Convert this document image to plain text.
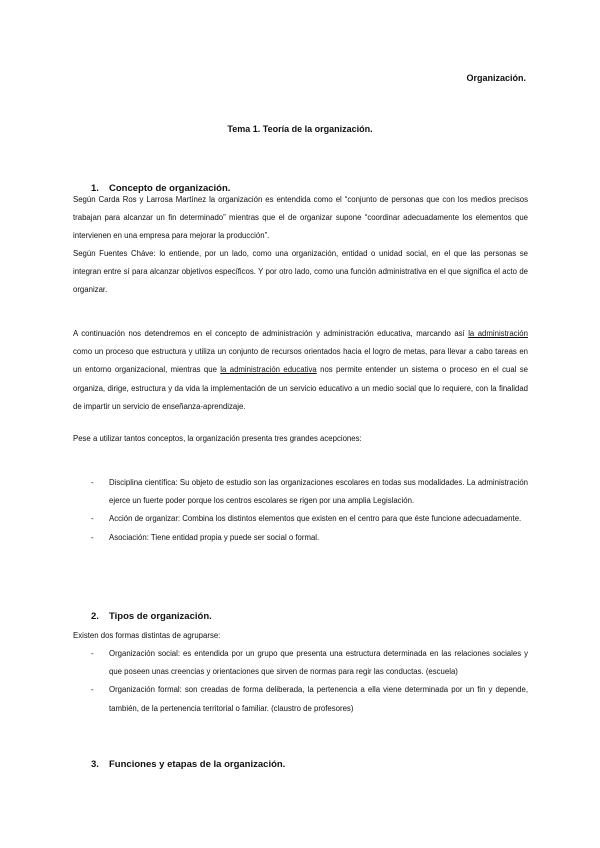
Organización.
Tema 1. Teoría de la organización.
1. Concepto de organización.
Según Carda Ros y Larrosa Martínez la organización es entendida como el “conjunto de personas que con los medios precisos trabajan para alcanzar un fin determinado” mientras que el de organizar supone “coordinar adecuadamente los elementos que intervienen en una empresa para mejorar la producción”.
Según Fuentes Cháve: lo entiende, por un lado, como una organización, entidad o unidad social, en el que las personas se integran entre sí para alcanzar objetivos específicos. Y por otro lado, como una función administrativa en el que significa el acto de organizar.
A continuación nos detendremos en el concepto de administración y administración educativa, marcando así la administración como un proceso que estructura y utiliza un conjunto de recursos orientados hacia el logro de metas, para llevar a cabo tareas en un entorno organizacional, mientras que la administración educativa nos permite entender un sistema o proceso en el cual se organiza, dirige, estructura y da vida la implementación de un servicio educativo a un medio social que lo requiere, con la finalidad de impartir un servicio de enseñanza-aprendizaje.
Pese a utilizar tantos conceptos, la organización presenta tres grandes acepciones:
- Disciplina científica: Su objeto de estudio son las organizaciones escolares en todas sus modalidades. La administración ejerce un fuerte poder porque los centros escolares se rigen por una amplia Legislación.
- Acción de organizar: Combina los distintos elementos que existen en el centro para que éste funcione adecuadamente.
- Asociación: Tiene entidad propia y puede ser social o formal.
2. Tipos de organización.
Existen dos formas distintas de agruparse:
- Organización social: es entendida por un grupo que presenta una estructura determinada en las relaciones sociales y que poseen unas creencias y orientaciones que sirven de normas para regir las conductas. (escuela)
- Organización formal: son creadas de forma deliberada, la pertenencia a ella viene determinada por un fin y depende, también, de la pertenencia territorial o familiar. (claustro de profesores)
3. Funciones y etapas de la organización.
